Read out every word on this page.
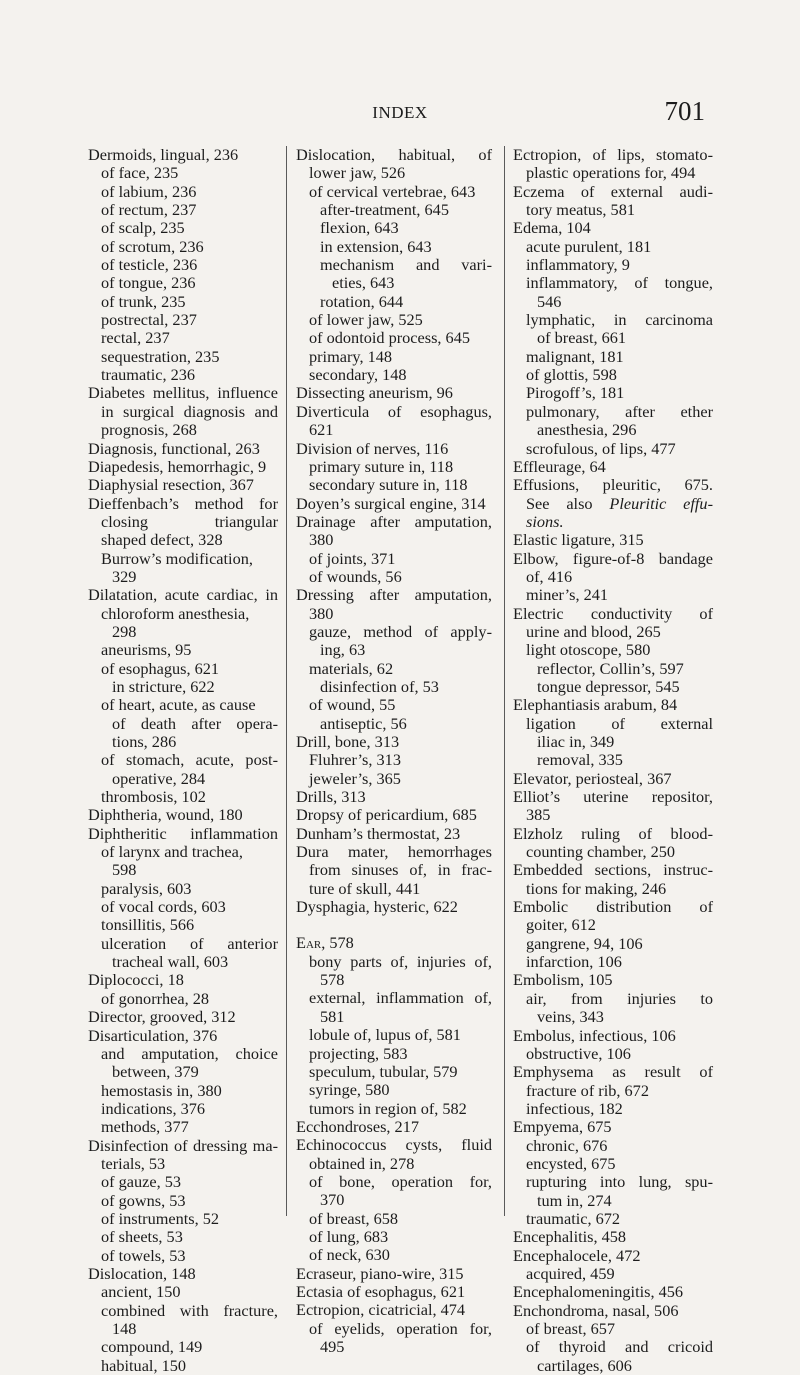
INDEX	701
Dermoids, lingual, 236
of face, 235
of labium, 236
of rectum, 237
of scalp, 235
of scrotum, 236
of testicle, 236
of tongue, 236
of trunk, 235
postrectal, 237
rectal, 237
sequestration, 235
traumatic, 236
Diabetes mellitus, influence
in surgical diagnosis and
prognosis, 268
Diagnosis, functional, 263
Diapedesis, hemorrhagic, 9
Diaphysial resection, 367
Dieffenbach’s method for
closing triangular
shaped defect, 328
Burrow’s modification,
329
Dilatation, acute cardiac, in
chloroform anesthesia,
298
aneurisms, 95
of esophagus, 621
in stricture, 622
of heart, acute, as cause
of death after opera-
tions, 286
of stomach, acute, post-
operative, 284
thrombosis, 102
Diphtheria, wound, 180
Diphtheritic inflammation
of larynx and trachea,
598
paralysis, 603
of vocal cords, 603
tonsillitis, 566
ulceration of anterior
tracheal wall, 603
Diplococci, 18
of gonorrhea, 28
Director, grooved, 312
Disarticulation, 376
and amputation, choice
between, 379
hemostasis in, 380
indications, 376
methods, 377
Disinfection of dressing ma-
terials, 53
of gauze, 53
of gowns, 53
of instruments, 52
of sheets, 53
of towels, 53
Dislocation, 148
ancient, 150
combined with fracture,
148
compound, 149
habitual, 150
Dislocation, habitual, of
lower jaw, 526
of cervical vertebrae, 643
after-treatment, 645
flexion, 643
in extension, 643
mechanism and vari-
eties, 643
rotation, 644
of lower jaw, 525
of odontoid process, 645
primary, 148
secondary, 148
Dissecting aneurism, 96
Diverticula of esophagus,
621
Division of nerves, 116
primary suture in, 118
secondary suture in, 118
Doyen’s surgical engine, 314
Drainage after amputation,
380
of joints, 371
of wounds, 56
Dressing after amputation,
380
gauze, method of apply-
ing, 63
materials, 62
disinfection of, 53
of wound, 55
antiseptic, 56
Drill, bone, 313
Fluhrer’s, 313
jeweler’s, 365
Drills, 313
Dropsy of pericardium, 685
Dunham’s thermostat, 23
Dura mater, hemorrhages
from sinuses of, in frac-
ture of skull, 441
Dysphagia, hysteric, 622
Ear, 578
bony parts of, injuries of,
578
external, inflammation of,
581
lobule of, lupus of, 581
projecting, 583
speculum, tubular, 579
syringe, 580
tumors in region of, 582
Ecchondroses, 217
Echinococcus cysts, fluid
obtained in, 278
of bone, operation for,
370
of breast, 658
of lung, 683
of neck, 630
Ecraseur, piano-wire, 315
Ectasia of esophagus, 621
Ectropion, cicatricial, 474
of eyelids, operation for,
495
Ectropion, of lips, stomato-
plastic operations for, 494
Eczema of external audi-
tory meatus, 581
Edema, 104
acute purulent, 181
inflammatory, 9
inflammatory, of tongue,
546
lymphatic, in carcinoma
of breast, 661
malignant, 181
of glottis, 598
Pirogoff’s, 181
pulmonary, after ether
anesthesia, 296
scrofulous, of lips, 477
Effleurage, 64
Effusions, pleuritic, 675.
See also Pleuritic effu-
sions.
Elastic ligature, 315
Elbow, figure-of-8 bandage
of, 416
miner’s, 241
Electric conductivity of
urine and blood, 265
light otoscope, 580
reflector, Collin’s, 597
tongue depressor, 545
Elephantiasis arabum, 84
ligation of external
iliac in, 349
removal, 335
Elevator, periosteal, 367
Elliot’s uterine repositor,
385
Elzholz ruling of blood-
counting chamber, 250
Embedded sections, instruc-
tions for making, 246
Embolic distribution of
goiter, 612
gangrene, 94, 106
infarction, 106
Embolism, 105
air, from injuries to
veins, 343
Embolus, infectious, 106
obstructive, 106
Emphysema as result of
fracture of rib, 672
infectious, 182
Empyema, 675
chronic, 676
encysted, 675
rupturing into lung, spu-
tum in, 274
traumatic, 672
Encephalitis, 458
Encephalocele, 472
acquired, 459
Encephalomeningitis, 456
Enchondroma, nasal, 506
of breast, 657
of thyroid and cricoid
cartilages, 606
